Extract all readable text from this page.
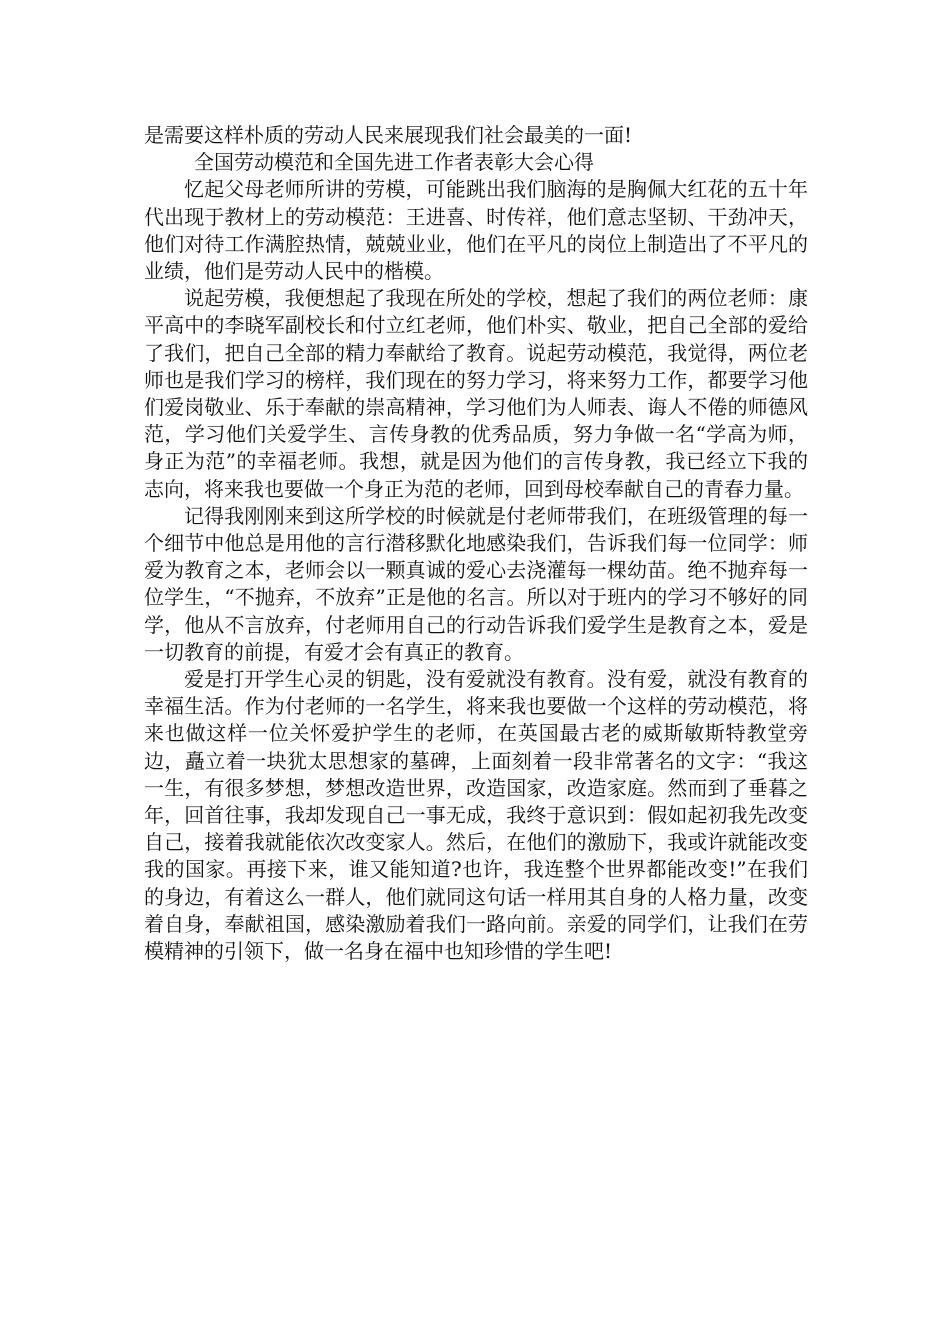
是需要这样朴质的劳动人民来展现我们社会最美的一面!

全国劳动模范和全国先进工作者表彰大会心得

忆起父母老师所讲的劳模，可能跳出我们脑海的是胸佩大红花的五十年代出现于教材上的劳动模范：王进喜、时传祥，他们意志坚韧、干劲冲天，他们对待工作满腔热情，兢兢业业，他们在平凡的岗位上制造出了不平凡的业绩，他们是劳动人民中的楷模。

说起劳模，我便想起了我现在所处的学校，想起了我们的两位老师：康平高中的李晓军副校长和付立红老师，他们朴实、敬业，把自己全部的爱给了我们，把自己全部的精力奉献给了教育。说起劳动模范，我觉得，两位老师也是我们学习的榜样，我们现在的努力学习，将来努力工作，都要学习他们爱岗敬业、乐于奉献的崇高精神，学习他们为人师表、诲人不倦的师德风范，学习他们关爱学生、言传身教的优秀品质，努力争做一名“学高为师，身正为范”的幸福老师。我想，就是因为他们的言传身教，我已经立下我的志向，将来我也要做一个身正为范的老师，回到母校奉献自己的青春力量。

记得我刚刚来到这所学校的时候就是付老师带我们，在班级管理的每一个细节中他总是用他的言行潜移默化地感染我们，告诉我们每一位同学：师爱为教育之本，老师会以一颗真诚的爱心去浇灌每一棵幼苗。绝不抛弃每一位学生，“不抛弃，不放弃”正是他的名言。所以对于班内的学习不够好的同学，他从不言放弃，付老师用自己的行动告诉我们爱学生是教育之本，爱是一切教育的前提，有爱才会有真正的教育。

爱是打开学生心灵的钥匙，没有爱就没有教育。没有爱，就没有教育的幸福生活。作为付老师的一名学生，将来我也要做一个这样的劳动模范，将来也做这样一位关怀爱护学生的老师，在英国最古老的威斯敏斯特教堂旁边，矗立着一块犹太思想家的墓碑，上面刻着一段非常著名的文字：“我这一生，有很多梦想，梦想改造世界，改造国家，改造家庭。然而到了垂暮之年，回首往事，我却发现自己一事无成，我终于意识到：假如起初我先改变自己，接着我就能依次改变家人。然后，在他们的激励下，我或许就能改变我的国家。再接下来，谁又能知道?也许，我连整个世界都能改变!”在我们的身边，有着这么一群人，他们就同这句话一样用其自身的人格力量，改变着自身，奉献祖国，感染激励着我们一路向前。亲爱的同学们，让我们在劳模精神的引领下，做一名身在福中也知珍惜的学生吧!
